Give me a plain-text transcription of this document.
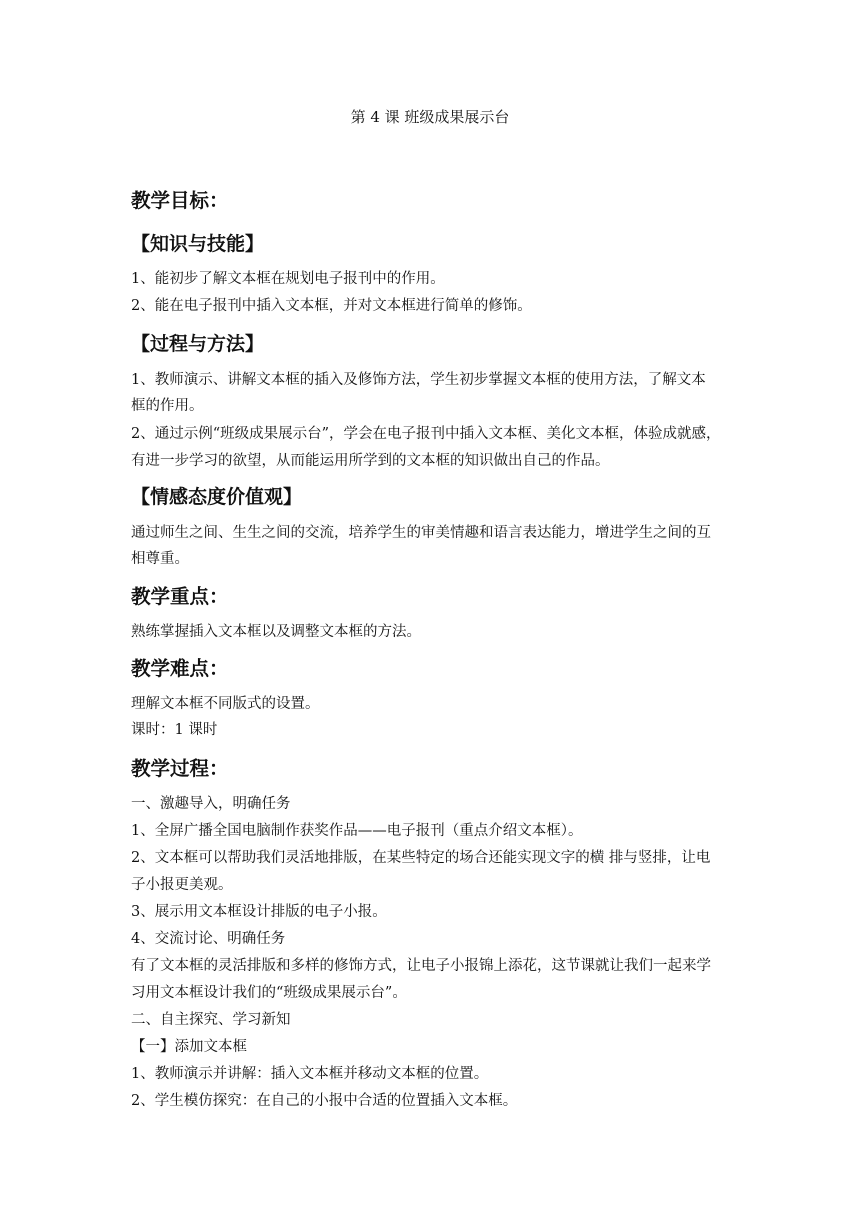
第 4 课 班级成果展示台
教学目标：
【知识与技能】
1、能初步了解文本框在规划电子报刊中的作用。
2、能在电子报刊中插入文本框，并对文本框进行简单的修饰。
【过程与方法】
1、教师演示、讲解文本框的插入及修饰方法，学生初步掌握文本框的使用方法，了解文本
框的作用。
2、通过示例“班级成果展示台”，学会在电子报刊中插入文本框、美化文本框，体验成就感，
有进一步学习的欲望，从而能运用所学到的文本框的知识做出自己的作品。
【情感态度价值观】
通过师生之间、生生之间的交流，培养学生的审美情趣和语言表达能力，增进学生之间的互
相尊重。
教学重点：
熟练掌握插入文本框以及调整文本框的方法。
教学难点：
理解文本框不同版式的设置。
课时：1 课时
教学过程：
一、激趣导入，明确任务
1、全屏广播全国电脑制作获奖作品——电子报刊（重点介绍文本框）。
2、文本框可以帮助我们灵活地排版，在某些特定的场合还能实现文字的横 排与竖排，让电
子小报更美观。
3、展示用文本框设计排版的电子小报。
4、交流讨论、明确任务
有了文本框的灵活排版和多样的修饰方式，让电子小报锦上添花，这节课就让我们一起来学
习用文本框设计我们的“班级成果展示台”。
二、自主探究、学习新知
【一】添加文本框
1、教师演示并讲解：插入文本框并移动文本框的位置。
2、学生模仿探究：在自己的小报中合适的位置插入文本框。
